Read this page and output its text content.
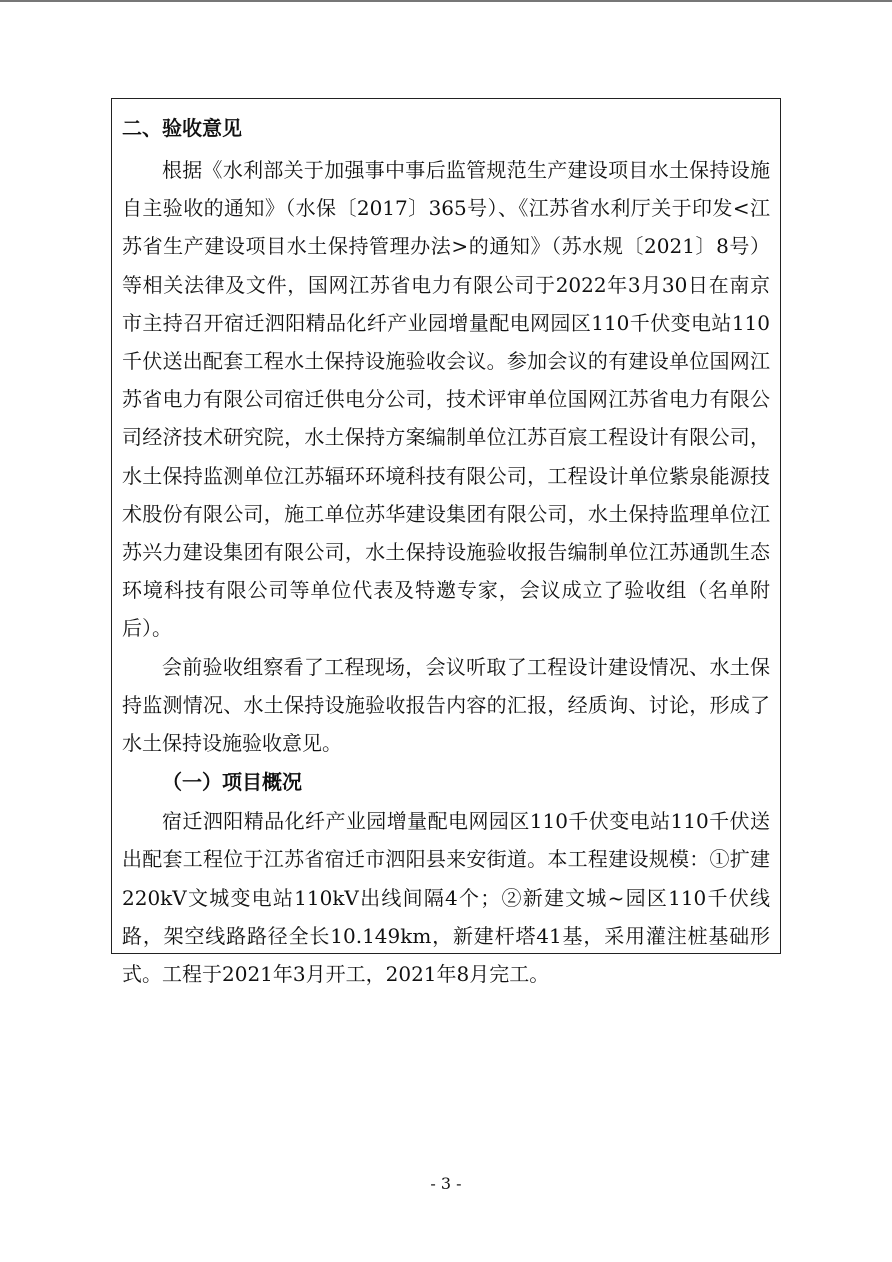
二、验收意见

根据《水利部关于加强事中事后监管规范生产建设项目水土保持设施自主验收的通知》（水保〔2017〕365号）、《江苏省水利厅关于印发<江苏省生产建设项目水土保持管理办法>的通知》（苏水规〔2021〕8号）等相关法律及文件，国网江苏省电力有限公司于2022年3月30日在南京市主持召开宿迁泗阳精品化纤产业园增量配电网园区110千伏变电站110千伏送出配套工程水土保持设施验收会议。参加会议的有建设单位国网江苏省电力有限公司宿迁供电分公司，技术评审单位国网江苏省电力有限公司经济技术研究院，水土保持方案编制单位江苏百宸工程设计有限公司，水土保持监测单位江苏辐环环境科技有限公司，工程设计单位紫泉能源技术股份有限公司，施工单位苏华建设集团有限公司，水土保持监理单位江苏兴力建设集团有限公司，水土保持设施验收报告编制单位江苏通凯生态环境科技有限公司等单位代表及特邀专家，会议成立了验收组（名单附后）。

会前验收组察看了工程现场，会议听取了工程设计建设情况、水土保持监测情况、水土保持设施验收报告内容的汇报，经质询、讨论，形成了水土保持设施验收意见。

（一）项目概况

宿迁泗阳精品化纤产业园增量配电网园区110千伏变电站110千伏送出配套工程位于江苏省宿迁市泗阳县来安街道。本工程建设规模：①扩建220kV文城变电站110kV出线间隔4个；②新建文城~园区110千伏线路，架空线路路径全长10.149km，新建杆塔41基，采用灌注桩基础形式。工程于2021年3月开工，2021年8月完工。

- 3 -
